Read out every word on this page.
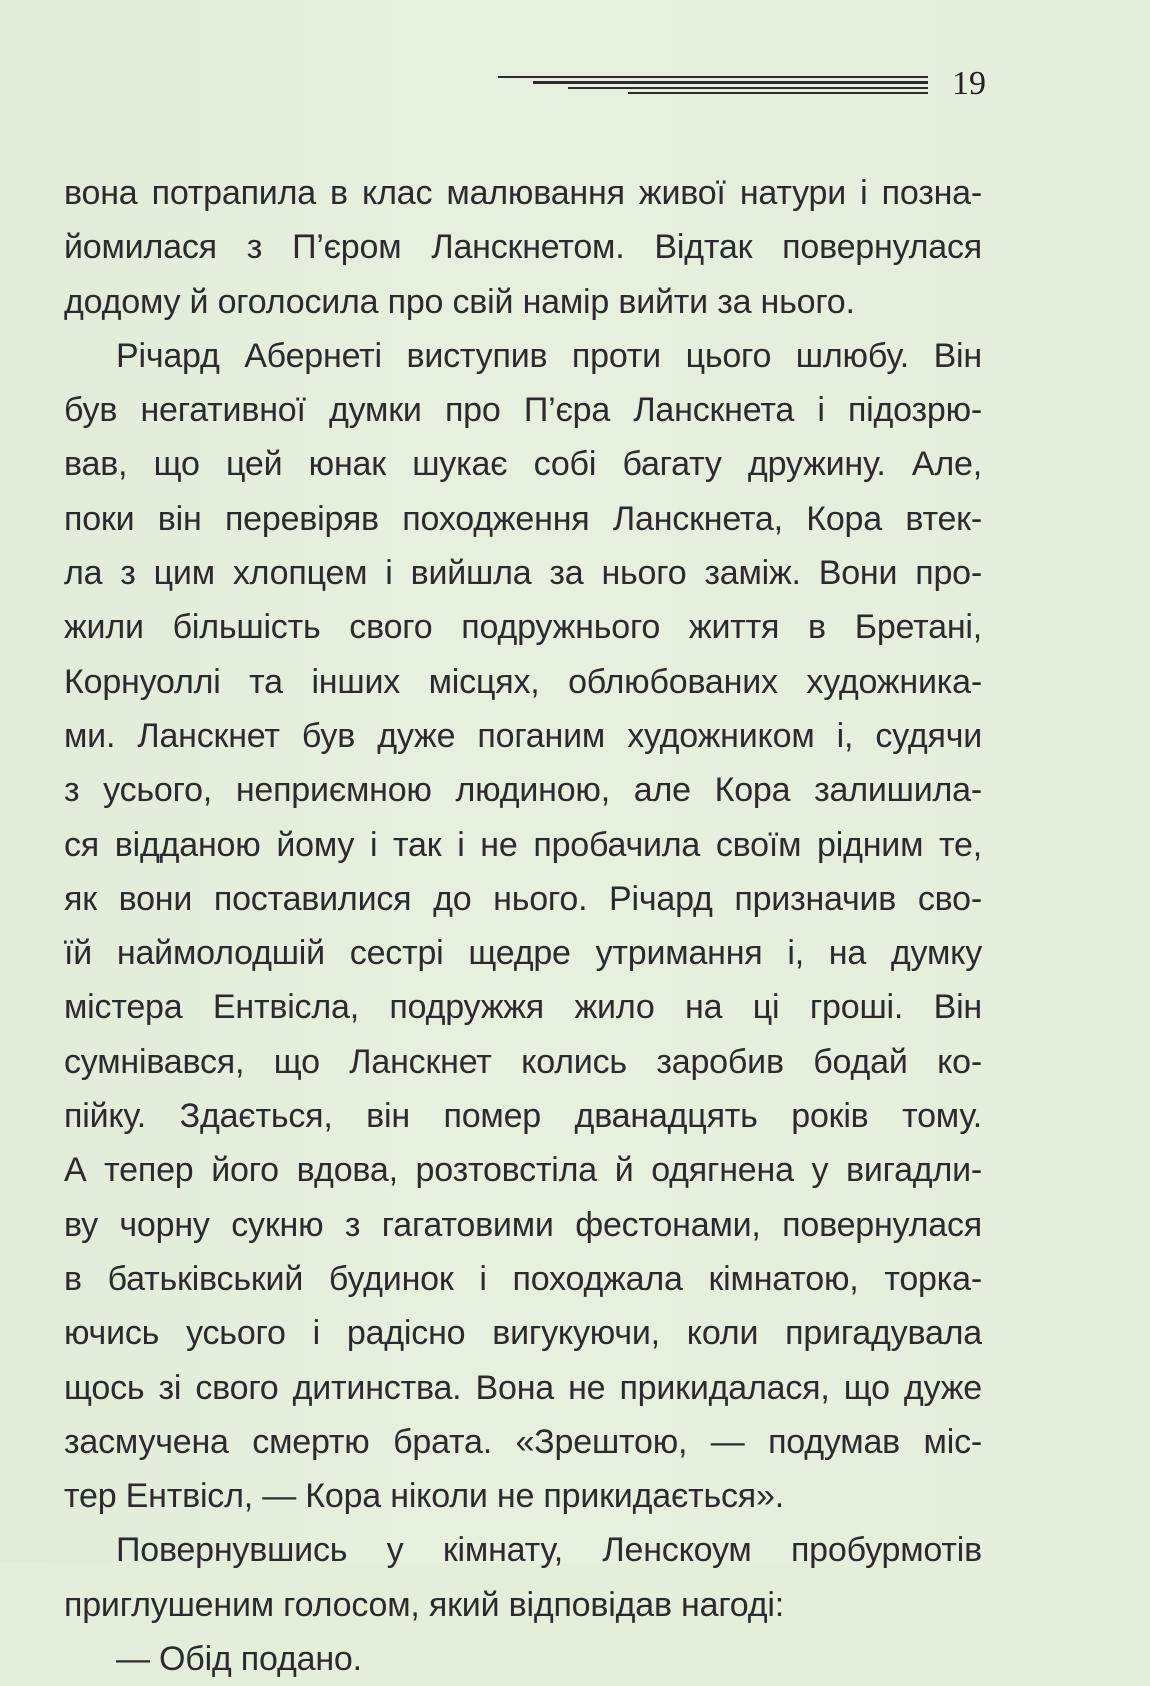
19
вона потрапила в клас малювання живої натури і позна-
йомилася з П’єром Ланскнетом. Відтак повернулася
додому й оголосила про свій намір вийти за нього.
Річард Абернеті виступив проти цього шлюбу. Він
був негативної думки про П’єра Ланскнета і підозрю-
вав, що цей юнак шукає собі багату дружину. Але,
поки він перевіряв походження Ланскнета, Кора втек-
ла з цим хлопцем і вийшла за нього заміж. Вони про-
жили більшість свого подружнього життя в Бретані,
Корнуоллі та інших місцях, облюбованих художника-
ми. Ланскнет був дуже поганим художником і, судячи
з усього, неприємною людиною, але Кора залишила-
ся відданою йому і так і не пробачила своїм рідним те,
як вони поставилися до нього. Річард призначив сво-
їй наймолодшій сестрі щедре утримання і, на думку
містера Ентвісла, подружжя жило на ці гроші. Він
сумнівався, що Ланскнет колись заробив бодай ко-
пійку. Здається, він помер дванадцять років тому.
А тепер його вдова, розтовстіла й одягнена у вигадли-
ву чорну сукню з гагатовими фестонами, повернулася
в батьківський будинок і походжала кімнатою, торка-
ючись усього і радісно вигукуючи, коли пригадувала
щось зі свого дитинства. Вона не прикидалася, що дуже
засмучена смертю брата. «Зрештою, — подумав міс-
тер Ентвісл, — Кора ніколи не прикидається».
Повернувшись у кімнату, Ленскоум пробурмотів
приглушеним голосом, який відповідав нагоді:
— Обід подано.
